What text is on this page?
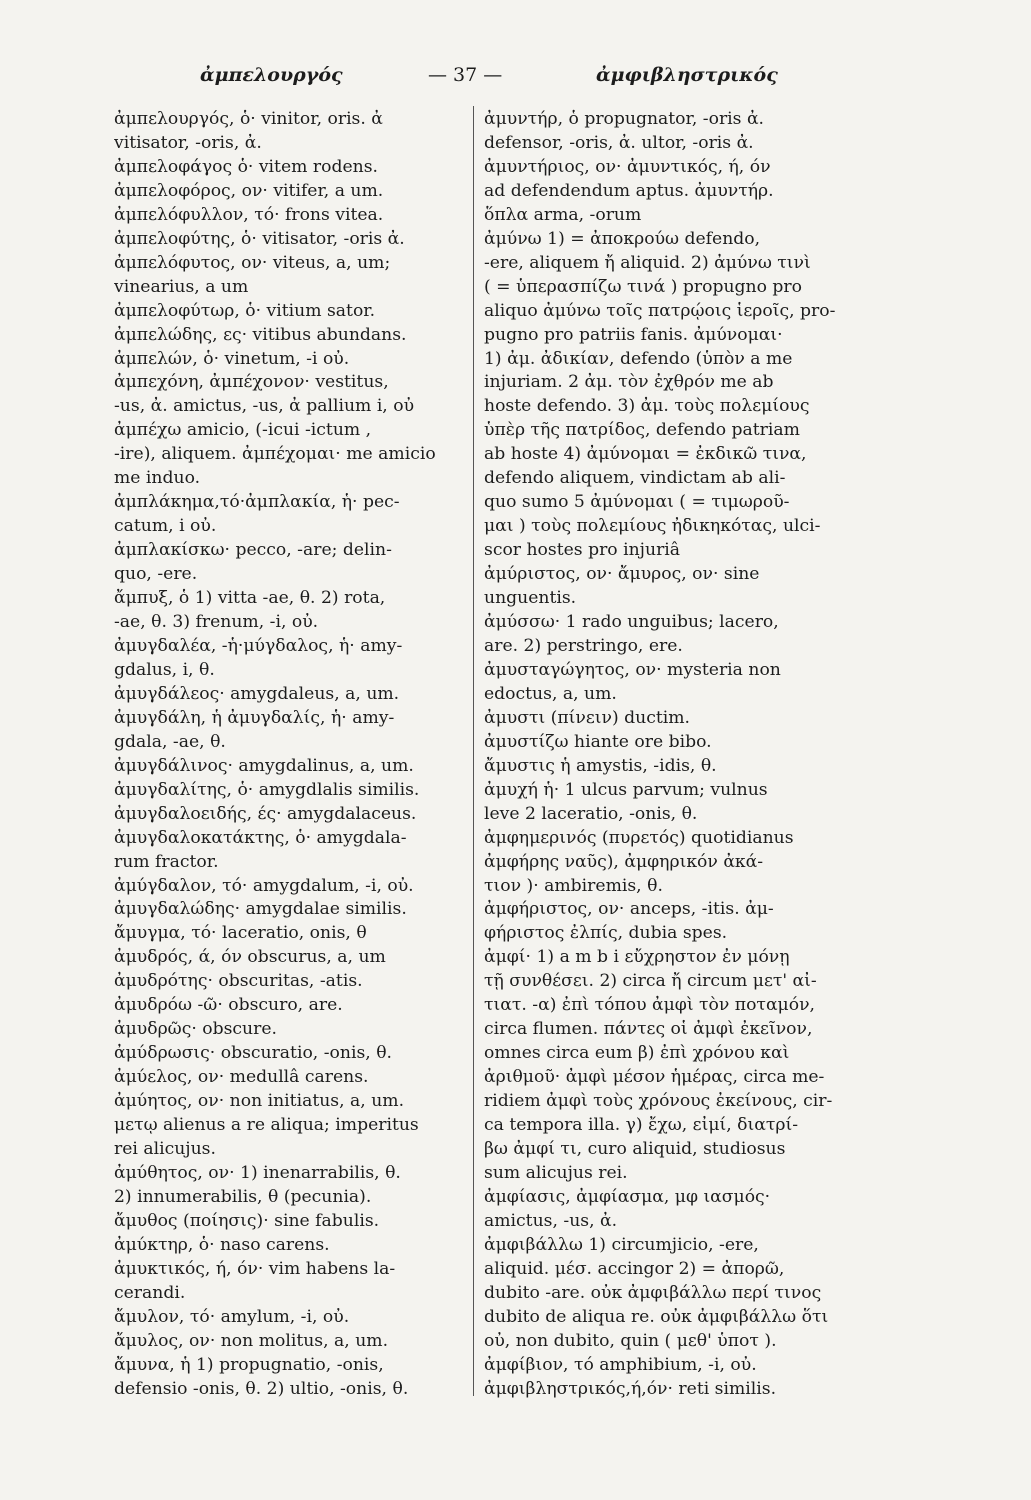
ἀμπελουργός	— 37 —	ἀμφιβληστρικός
ἀμπελουργός, ὁ· vinitor, oris. ἀ
vitisator, -oris, ἀ.
ἀμπελοφάγος ὁ· vitem rodens.
ἀμπελοφόρος, ον· vitifer, a um.
ἀμπελόφυλλον, τό· frons vitea.
ἀμπελοφύτης, ὁ· vitisator, -oris ἀ.
ἀμπελόφυτος, ον· viteus, a, um;
vinearius, a um
ἀμπελοφύτωρ, ὁ· vitium sator.
ἀμπελώδης, ες· vitibus abundans.
ἀμπελών, ὁ· vinetum, -i οὐ.
ἀμπεχόνη, ἀμπέχονον· vestitus,
-us, ἀ. amictus, -us, ἀ pallium i, οὐ
ἀμπέχω amicio, (-icui -ictum ,
-ire), aliquem. ἀμπέχομαι· me amicio
me induo.
ἀμπλάκημα,τό·ἀμπλακία, ἡ· pec-
catum, i οὐ.
ἀμπλακίσκω· pecco, -are; delin-
quo, -ere.
ἄμπυξ, ὁ 1) vitta -ae, θ. 2) rota,
-ae, θ. 3) frenum, -i, οὐ.
ἀμυγδαλέα, -ἡ·μύγδαλος, ἡ· amy-
gdalus, i, θ.
ἀμυγδάλεος· amygdaleus, a, um.
ἀμυγδάλη, ἡ ἀμυγδαλίς, ἡ· amy-
gdala, -ae, θ.
ἀμυγδάλινος· amygdalinus, a, um.
ἀμυγδαλίτης, ὁ· amygdlalis similis.
ἀμυγδαλοειδής, ές· amygdalaceus.
ἀμυγδαλοκατάκτης, ὁ· amygdala-
rum fractor.
ἀμύγδαλον, τό· amygdalum, -i, οὐ.
ἀμυγδαλώδης· amygdalae similis.
ἄμυγμα, τό· laceratio, onis, θ
ἀμυδρός, ά, όν obscurus, a, um
ἀμυδρότης· obscuritas, -atis.
ἀμυδρόω -ῶ· obscuro, are.
ἀμυδρῶς· obscure.
ἀμύδρωσις· obscuratio, -onis, θ.
ἀμύελος, ον· medullâ carens.
ἀμύητος, ον· non initiatus, a, um.
μετῳ alienus a re aliqua; imperitus
rei alicujus.
ἀμύθητος, ον· 1) inenarrabilis, θ.
2) innumerabilis, θ (pecunia).
ἄμυθος (ποίησις)· sine fabulis.
ἀμύκτηρ, ὁ· naso carens.
ἀμυκτικός, ή, όν· vim habens la-
cerandi.
ἄμυλον, τό· amylum, -i, οὐ.
ἄμυλος, ον· non molitus, a, um.
ἄμυνα, ἡ 1) propugnatio, -onis,
defensio -onis, θ. 2) ultio, -onis, θ.
ἀμυντήρ, ὁ propugnator, -oris ἀ.
defensor, -oris, ἀ. ultor, -oris ἀ.
ἀμυντήριος, ον· ἀμυντικός, ή, όν
ad defendendum aptus. ἀμυντήρ.
ὅπλα arma, -orum
ἀμύνω 1) = ἀποκρούω defendo,
-ere, aliquem ἤ aliquid. 2) ἀμύνω τινὶ
( = ὑπερασπίζω τινά ) propugno pro
aliquo ἀμύνω τοῖς πατρῴοις ἱεροῖς, pro-
pugno pro patriis fanis. ἀμύνομαι·
1) ἀμ. ἀδικίαν, defendo (ὑπὸν a me
injuriam. 2 ἀμ. τὸν ἐχθρόν me ab
hoste defendo. 3) ἀμ. τοὺς πολεμίους
ὑπὲρ τῆς πατρίδος, defendo patriam
ab hoste 4) ἀμύνομαι = ἐκδικῶ τινα,
defendo aliquem, vindictam ab ali-
quo sumo 5 ἀμύνομαι ( = τιμωροῦ-
μαι ) τοὺς πολεμίους ἠδικηκότας, ulci-
scor hostes pro injuriâ
ἀμύριστος, ον· ἄμυρος, ον· sine
unguentis.
ἀμύσσω· 1 rado unguibus; lacero,
are. 2) perstringo, ere.
ἀμυσταγώγητος, ον· mysteria non
edoctus, a, um.
ἀμυστι (πίνειν) ductim.
ἀμυστίζω hiante ore bibo.
ἄμυστις ἡ amystis, -idis, θ.
ἀμυχή ἡ· 1 ulcus parvum; vulnus
leve 2 laceratio, -onis, θ.
ἀμφημερινός (πυρετός) quotidianus
ἀμφήρης ναῦς), ἀμφηρικόν ἀκά-
τιον )· ambiremis, θ.
ἀμφήριστος, ον· anceps, -itis. ἀμ-
φήριστος ἐλπίς, dubia spes.
ἀμφί· 1) a m b i εὔχρηστον ἐν μόνῃ
τῇ συνθέσει. 2) circa ἤ circum μετ' αἰ-
τιατ. -α) ἐπὶ τόπου ἀμφὶ τὸν ποταμόν,
circa flumen. πάντες οἱ ἀμφὶ ἐκεῖνον,
omnes circa eum β) ἐπὶ χρόνου καὶ
ἀριθμοῦ· ἀμφὶ μέσον ἡμέρας, circa me-
ridiem ἀμφὶ τοὺς χρόνους ἐκείνους, cir-
ca tempora illa. γ) ἔχω, εἰμί, διατρί-
βω ἀμφί τι, curo aliquid, studiosus
sum alicujus rei.
ἀμφίασις, ἀμφίασμα, μφ ιασμός·
amictus, -us, ἀ.
ἀμφιβάλλω 1) circumjicio, -ere,
aliquid. μέσ. accingor 2) = ἀπορῶ,
dubito -are. οὐκ ἀμφιβάλλω περί τινος
dubito de aliqua re. οὐκ ἀμφιβάλλω ὅτι
οὐ, non dubito, quin ( μεθ' ὑποτ ).
ἀμφίβιον, τό amphibium, -i, οὐ.
ἀμφιβληστρικός,ή,όν· reti similis.
